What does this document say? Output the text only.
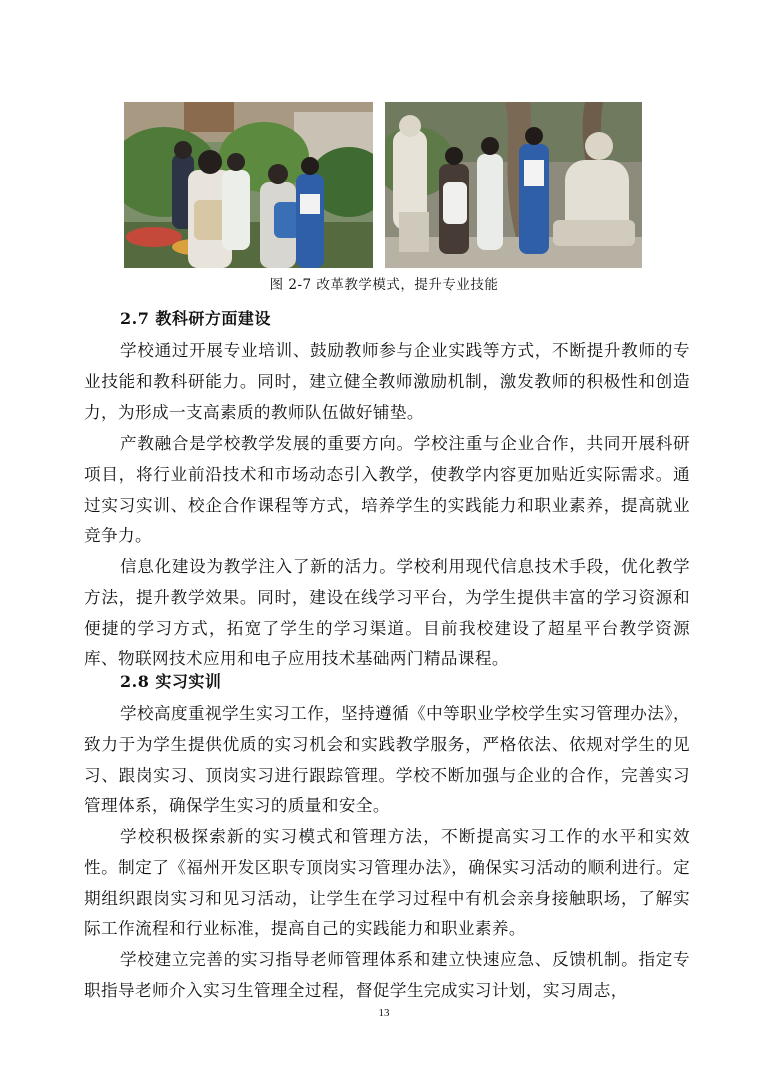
图 2-7 改革教学模式，提升专业技能
2.7 教科研方面建设

学校通过开展专业培训、鼓励教师参与企业实践等方式，不断提升教师的专业技能和教科研能力。同时，建立健全教师激励机制，激发教师的积极性和创造力，为形成一支高素质的教师队伍做好铺垫。

产教融合是学校教学发展的重要方向。学校注重与企业合作，共同开展科研项目，将行业前沿技术和市场动态引入教学，使教学内容更加贴近实际需求。通过实习实训、校企合作课程等方式，培养学生的实践能力和职业素养，提高就业竞争力。

信息化建设为教学注入了新的活力。学校利用现代信息技术手段，优化教学方法，提升教学效果。同时，建设在线学习平台，为学生提供丰富的学习资源和便捷的学习方式，拓宽了学生的学习渠道。目前我校建设了超星平台教学资源库、物联网技术应用和电子应用技术基础两门精品课程。

2.8 实习实训

学校高度重视学生实习工作，坚持遵循《中等职业学校学生实习管理办法》，致力于为学生提供优质的实习机会和实践教学服务，严格依法、依规对学生的见习、跟岗实习、顶岗实习进行跟踪管理。学校不断加强与企业的合作，完善实习管理体系，确保学生实习的质量和安全。

学校积极探索新的实习模式和管理方法，不断提高实习工作的水平和实效性。制定了《福州开发区职专顶岗实习管理办法》，确保实习活动的顺利进行。定期组织跟岗实习和见习活动，让学生在学习过程中有机会亲身接触职场，了解实际工作流程和行业标准，提高自己的实践能力和职业素养。

学校建立完善的实习指导老师管理体系和建立快速应急、反馈机制。指定专职指导老师介入实习生管理全过程，督促学生完成实习计划，实习周志，

13
